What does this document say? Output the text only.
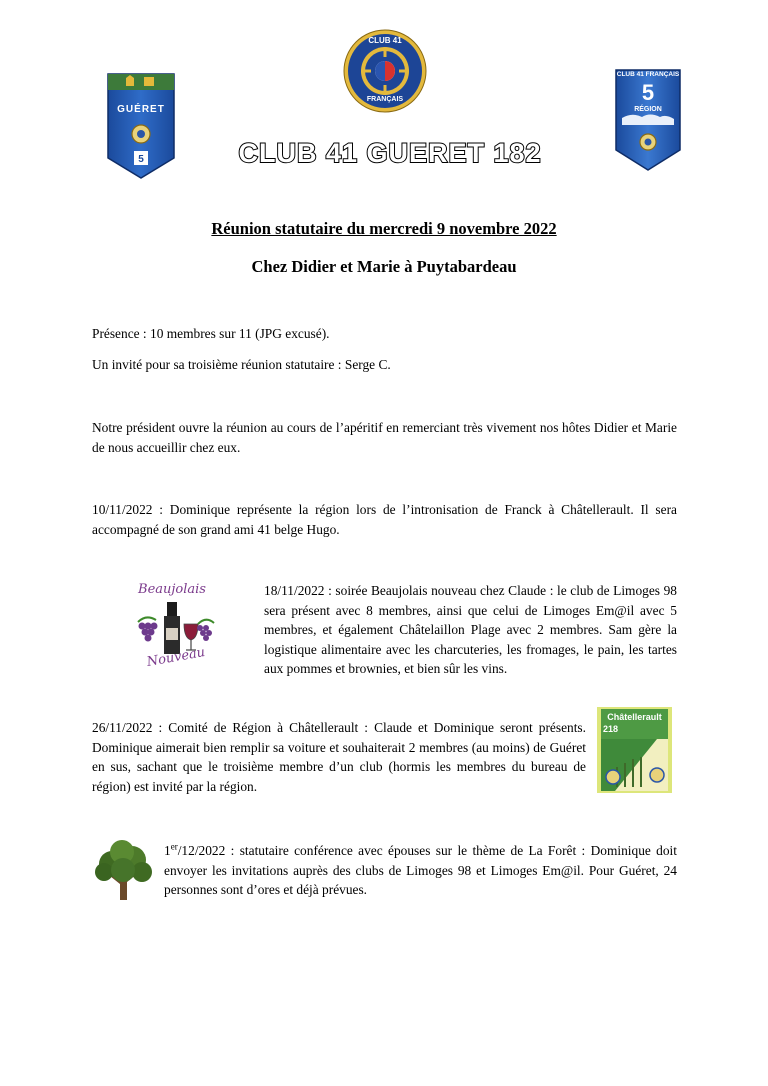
5
GUÉRET
CLUB 41
FRANÇAIS
CLUB 41 FRANÇAIS
5
RÉGION
CLUB 41 GUERET 182
Réunion statutaire du mercredi 9 novembre 2022
Chez Didier et Marie à Puytabardeau
Présence : 10 membres sur 11 (JPG excusé).
Un invité pour sa troisième réunion statutaire : Serge C.
Notre président ouvre la réunion au cours de l’apéritif en remerciant très vivement nos hôtes Didier et Marie de nous accueillir chez eux.
10/11/2022 : Dominique représente la région lors de l’intronisation de Franck à Châtellerault. Il sera accompagné de son grand ami 41 belge Hugo.
Beaujolais
Nouveau
18/11/2022 : soirée Beaujolais nouveau chez Claude : le club de Limoges 98 sera présent avec 8 membres, ainsi que celui de Limoges Em@il avec 5 membres, et également Châtelaillon Plage avec 2 membres. Sam gère la logistique alimentaire avec les charcuteries, les fromages, le pain, les tartes aux pommes et brownies, et bien sûr les vins.
26/11/2022 : Comité de Région à Châtellerault : Claude et Dominique seront présents. Dominique aimerait bien remplir sa voiture et souhaiterait 2 membres (au moins) de Guéret en sus, sachant que le troisième membre d’un club (hormis les membres du bureau de région) est invité par la région.
Châtellerault
218
1er/12/2022 : statutaire conférence avec épouses sur le thème de La Forêt : Dominique doit envoyer les invitations auprès des clubs de Limoges 98 et Limoges Em@il. Pour Guéret, 24 personnes sont d’ores et déjà prévues.
